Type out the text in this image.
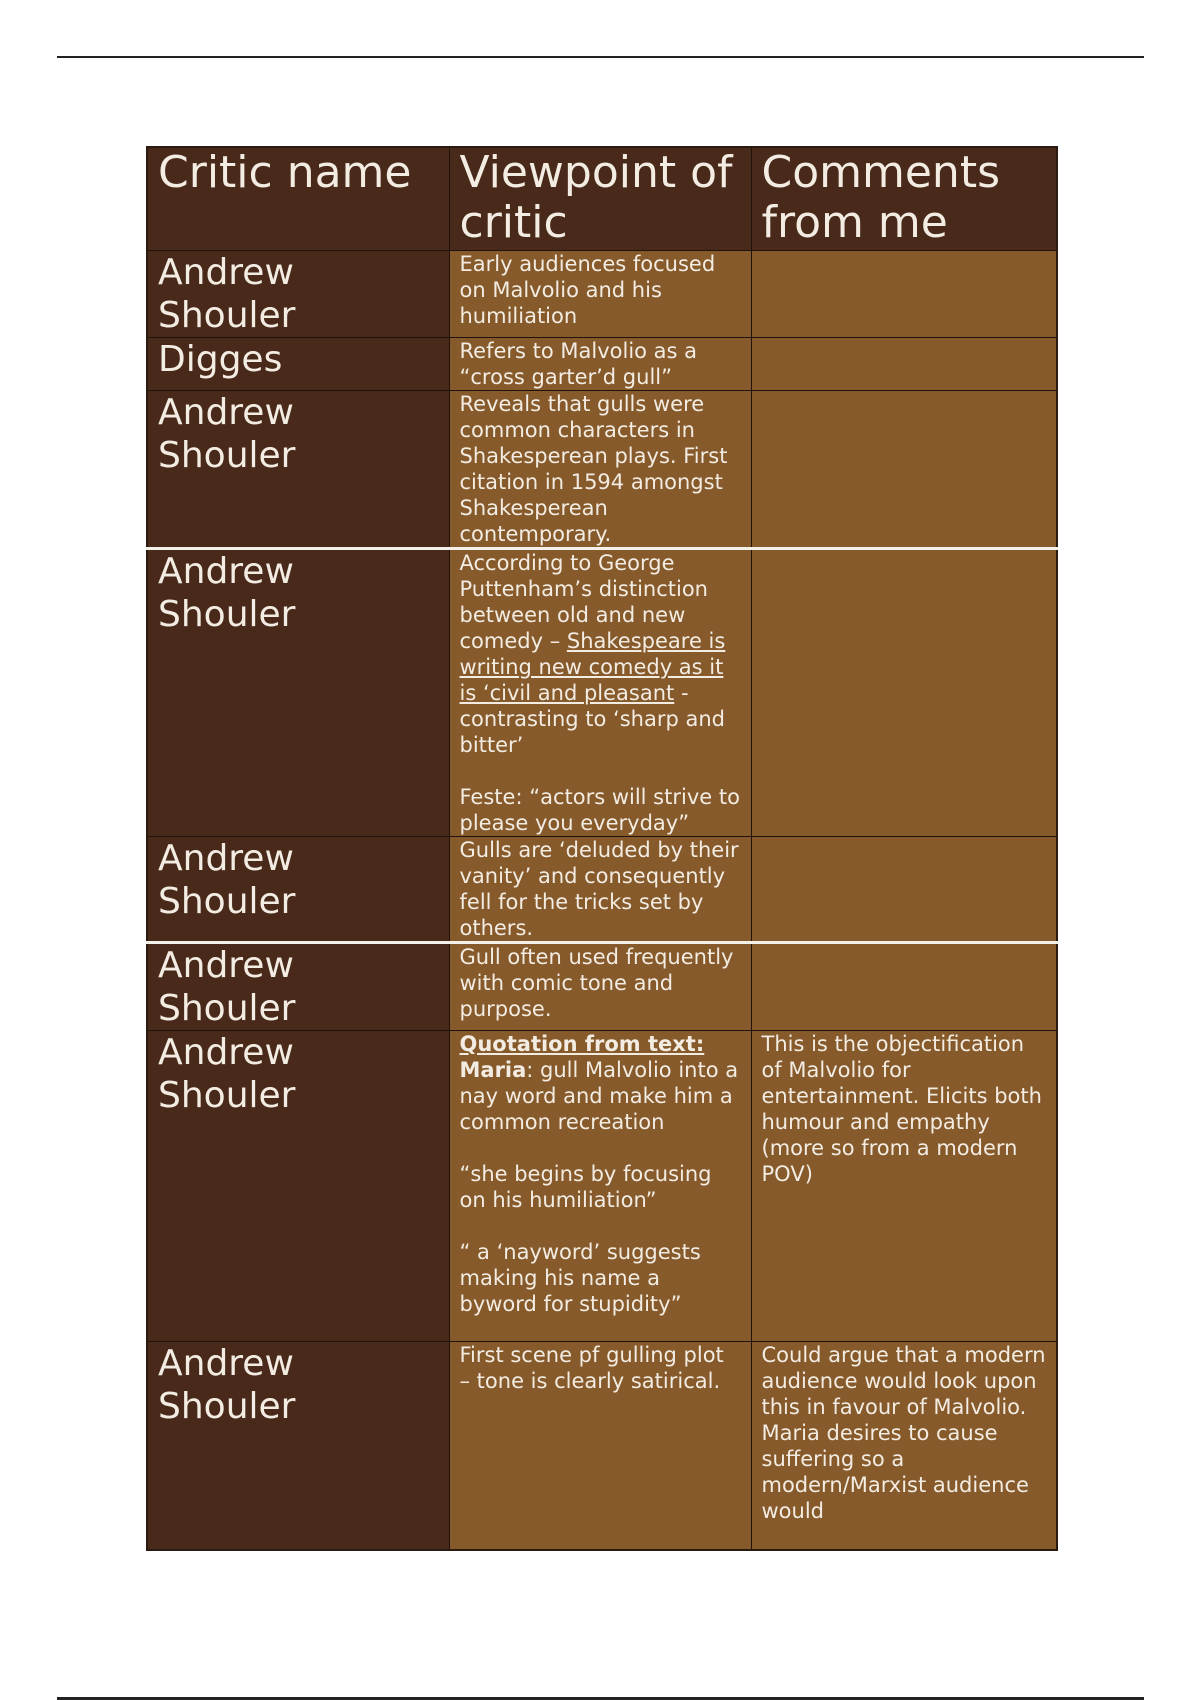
Critic name	Viewpoint of critic	Comments from me
Andrew Shouler	Early audiences focused on Malvolio and his humiliation	
Digges	Refers to Malvolio as a “cross garter’d gull”	
Andrew Shouler	Reveals that gulls were common characters in Shakesperean plays. First citation in 1594 amongst Shakesperean contemporary.	
Andrew Shouler	According to George Puttenham’s distinction between old and new comedy – Shakespeare is writing new comedy as it is ‘civil and pleasant - contrasting to ‘sharp and bitter’
Feste: “actors will strive to please you everyday”	

Andrew Shouler	Gulls are ‘deluded by their vanity’ and consequently fell for the tricks set by others.	
Andrew Shouler	Gull often used frequently with comic tone and purpose.	
Andrew Shouler	Quotation from text:
Maria: gull Malvolio into a nay word and make him a common recreation
“she begins by focusing on his humiliation”
“ a ‘nayword’ suggests making his name a byword for stupidity”	This is the objectification of Malvolio for entertainment. Elicits both humour and empathy (more so from a modern POV)
Andrew Shouler	First scene pf gulling plot – tone is clearly satirical.	Could argue that a modern audience would look upon this in favour of Malvolio. Maria desires to cause suffering so a modern/Marxist audience would
